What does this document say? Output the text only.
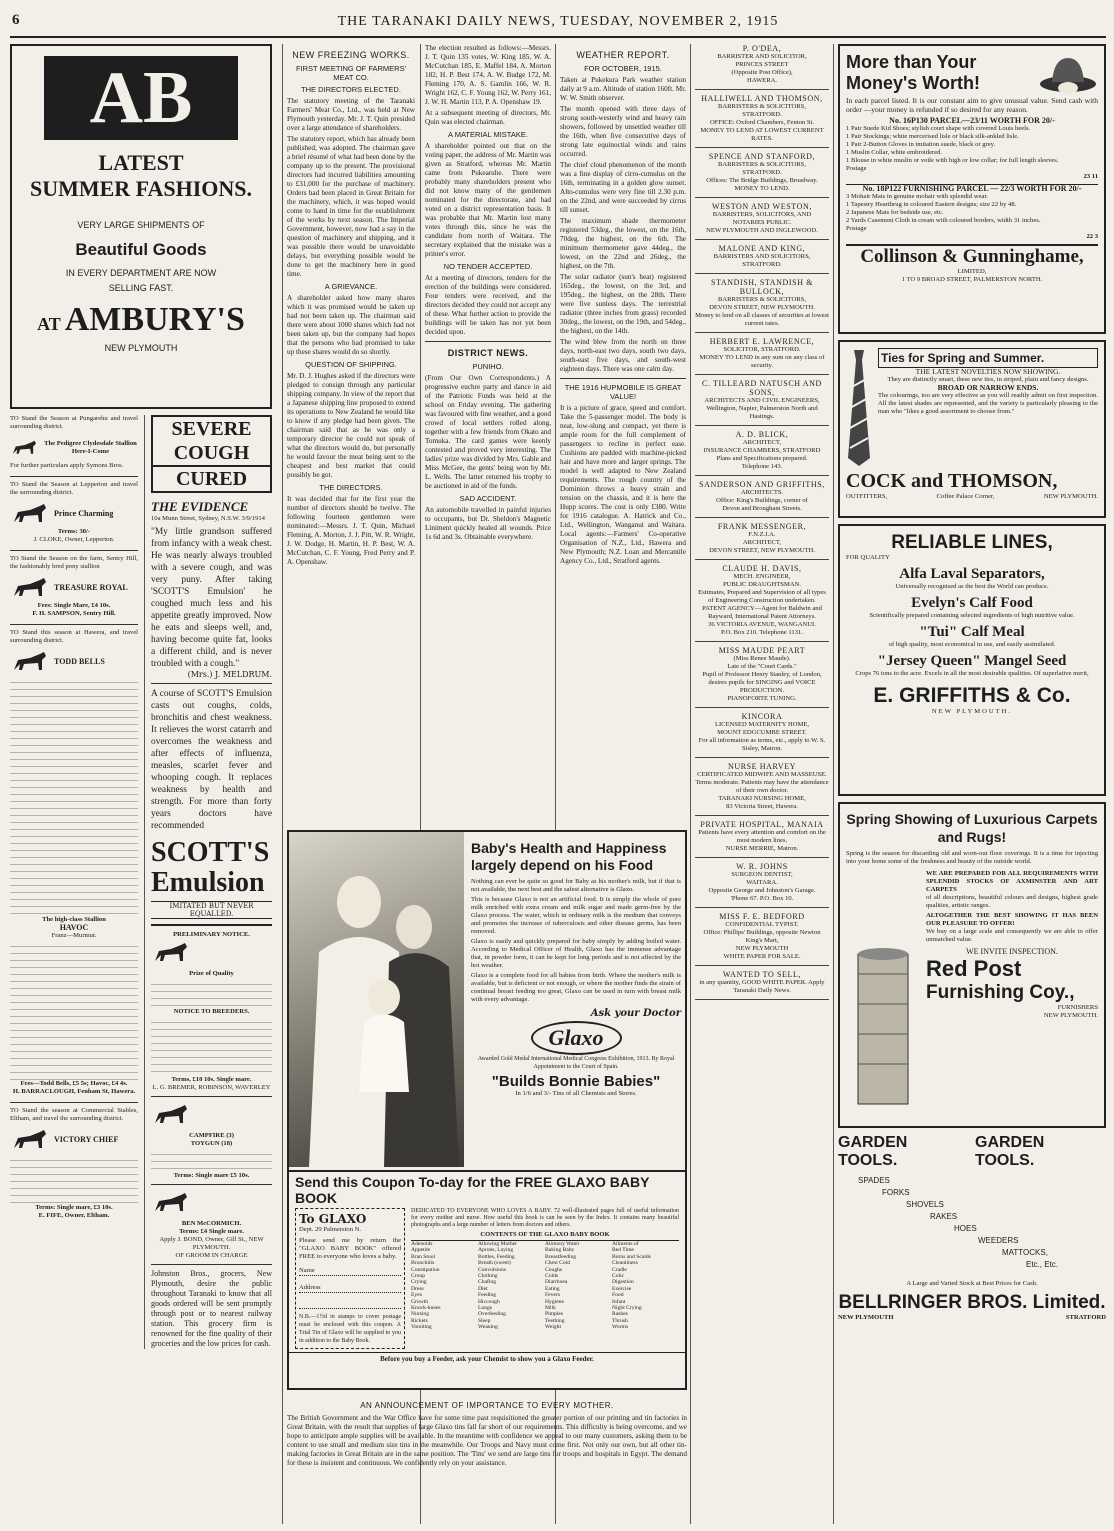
6	THE TARANAKI DAILY NEWS, TUESDAY, NOVEMBER 2, 1915
AB
LATEST
SUMMER FASHIONS.
VERY LARGE SHIPMENTS OF
Beautiful Goods
IN EVERY DEPARTMENT ARE NOW
SELLING FAST.
AT AMBURY'S
NEW PLYMOUTH
TO Stand the Season at Pungarehu and travel surrounding district.
The Pedigree Clydesdale Stallion Here-I-Come
For further particulars apply Symons Bros.
TO Stand the Season at Lepperton and travel the surrounding district.
Prince Charming
Terms: 30/-
J. CLOKE, Owner, Lepperton.
TO Stand the Season on the farm, Sentry Hill, the fashionably bred pony stallion
TREASURE ROYAL
Fees: Single Mare, £4 10s.
F. H. SAMPSON, Sentry Hill.
TO Stand this season at Hawera, and travel surrounding district.
TODD BELLS
The high-class Stallion
HAVOC
Franz—Murmur.
Fees—Todd Bells, £5 5s; Havoc, £4 4s.
H. BARRACLOUGH, Fenham St, Hawera.
TO Stand the season at Commercial Stables, Eltham, and travel the surrounding district.
VICTORY CHIEF
Terms: Single mare, £3 10s.
E. FIFE, Owner, Eltham.
SEVERE COUGH
CURED
THE EVIDENCE
10a Munn Street, Sydney, N.S.W. 3/9/1914
"My little grandson suffered from infancy with a weak chest. He was nearly always troubled with a severe cough, and was very puny. After taking 'SCOTT'S Emulsion' he coughed much less and his appetite greatly improved. Now he eats and sleeps well, and, having become quite fat, looks a different child, and is never troubled with a cough."
(Mrs.) J. MELDRUM.
A course of SCOTT'S Emulsion casts out coughs, colds, bronchitis and chest weakness. It relieves the worst catarrh and overcomes the weakness and after effects of influenza, measles, scarlet fever and whooping cough. It replaces weakness by health and strength. For more than forty years doctors have recommended
SCOTT'S
Emulsion
IMITATED BUT NEVER EQUALLED.
PRELIMINARY NOTICE.
Prize of Quality
NOTICE TO BREEDERS.
Terms, £10 10s. Single mare.
L. G. BREMER, ROBINSON, WAVERLEY
CAMPFIRE (3)
TOYGUN (18)
Terms: Single mare £5 10s.
BEN McCORMICH.
Terms: £4 Single mare.
Apply J. BOND, Owner, Gill St., NEW PLYMOUTH.
OF GROOM IN CHARGE
Johnston Bros., grocers, New Plymouth, desire the public throughout Taranaki to know that all goods ordered will be sent promptly through post or to nearest railway station. This grocery firm is renowned for the fine quality of their groceries and the low prices for cash.
NEW FREEZING WORKS.
FIRST MEETING OF FARMERS' MEAT CO.
THE DIRECTORS ELECTED.

The statutory meeting of the Taranaki Farmers' Meat Co., Ltd., was held at New Plymouth yesterday. Mr. J. T. Quin presided over a large attendance of shareholders.

The statutory report, which has already been published, was adopted. The chairman gave a brief résumé of what had been done by the company up to the present. The provisional directors had incurred liabilities amounting to £31,000 for the purchase of machinery. Orders had been placed in Great Britain for the machinery, which, it was hoped would come to hand in time for the establishment of the works by next season. The Imperial Government, however, now had a say in the question of machinery and shipping, and it was possible there would be unavoidable delays, but everything possible would be done to get the machinery here in good time.

A GRIEVANCE.

A shareholder asked how many shares which it was promised would be taken up had not been taken up. The chairman said there were about 1000 shares which had not been taken up, but the company had hopes that the persons who had promised to take up these shares would do so shortly.

QUESTION OF SHIPPING.

Mr. D. J. Hughes asked if the directors were pledged to consign through any particular shipping company. In view of the report that a Japanese shipping line proposed to extend its operations to New Zealand he would like to know if any pledge had been given. The chairman said that as he was only a temporary director he could not speak of what the directors would do, but personally he would favour the meat being sent to the cheapest and best market that could possibly be got.

THE DIRECTORS.

It was decided that for the first year the number of directors should be twelve. The following fourteen gentlemen were nominated:—Messrs. J. T. Quin, Michael Fleming, A. Morton, J. J. Pitt, W. R. Wright, J. W. Dodge, H. Martin, H. P. Best, W. A. McCutchan, C. F. Young, Fred Perry and P. A. Openshaw.

The election resulted as follows:—Messrs. J. T. Quin 135 votes, W. King 185, W. A. McCutchan 185, E. Maffel 184, A. Morton 182, H. P. Best 174, A. W. Budge 172, M. Fleming 170, A. S. Gamlin 166, W. R. Wright 162, C. F. Young 162, W. Perry 161, J. W. H. Martin 113, P. A. Openshaw 19.

At a subsequent meeting of directors, Mr. Quin was elected chairman.

A MATERIAL MISTAKE.

A shareholder pointed out that on the voting paper, the address of Mr. Martin was given as Stratford, whereas Mr. Martin came from Pukearuhe. There were probably many shareholders present who did not know many of the gentlemen nominated for the directorate, and had voted on a district representation basis. It was probable that Mr. Martin lost many votes through this, since he was the candidate from north of Waitara. The secretary explained that the mistake was a printer's error.

NO TENDER ACCEPTED.

At a meeting of directors, tenders for the erection of the buildings were considered. Four tenders were received, and the directors decided they could not accept any of these. What further action to provide the buildings will be taken has not yet been decided upon.

DISTRICT NEWS.
PUNIHO.

(From Our Own Correspondents.) A progressive euchre party and dance in aid of the Patriotic Funds was held at the school on Friday evening. The gathering was favoured with fine weather, and a good crowd of local settlers rolled along, together with a few friends from Okato and Tomuka. The card games were keenly contested and proved very interesting. The ladies' prize was divided by Mrs. Gable and Miss McGee, the gents' being won by Mr. L. Wells. The latter returned his trophy to be auctioned in aid of the funds.

SAD ACCIDENT.

An automobile travelled in painful injuries to occupants, but Dr. Sheldon's Magnetic Liniment quickly healed all wounds. Price 1s 6d and 3s. Obtainable everywhere.

WEATHER REPORT.
FOR OCTOBER, 1915.

Taken at Pukekura Park weather station daily at 9 a.m. Altitude of station 160ft. Mr. W. W. Smith observer.

The month opened with three days of strong south-westerly wind and heavy rain showers, followed by unsettled weather till the 16th, when five consecutive days of strong late equinoctial winds and rains occurred.

The chief cloud phenomenon of the month was a fine display of cirro-cumulus on the 16th, terminating in a golden glow sunset. Alto-cumulus were very fine till 2.30 p.m. on the 22nd, and were succeeded by cirrus till sunset.

The maximum shade thermometer registered 53deg., the lowest, on the 16th, 70deg. the highest, on the 6th. The minimum thermometer gave 44deg., the lowest, on the 22nd and 26deg., the highest, on the 7th.

The solar radiator (sun's heat) registered 165deg., the lowest, on the 3rd, and 195deg., the highest, on the 28th. There were five sunless days. The terrestrial radiator (three inches from grass) recorded 30deg., the lowest, on the 19th, and 54deg., the highest, on the 14th.

The wind blew from the north on three days, north-east two days, south two days, south-east five days, and south-west eighteen days. There was one calm day.

THE 1916 HUPMOBILE IS GREAT VALUE!

It is a picture of grace, speed and comfort. Take the 5-passenger model. The body is neat, low-slung and compact, yet there is ample room for the full complement of passengers to recline in perfect ease. Cushions are padded with machine-picked hair and have more and larger springs. The model is well adapted to New Zealand requirements. The rough country of the Dominion throws a heavy strain and tension on the chassis, and it is here the Hupp scores. The cost is only £380. Write for 1916 catalogue. A. Hatrick and Co., Ltd., Wellington, Wanganui and Waitara. Local agents:—Farmers' Co-operative Organisation of N.Z., Ltd., Hawera and New Plymouth; N.Z. Loan and Mercantile Agency Co., Ltd., Stratford agents.

Baby's Health and Happiness largely depend on his Food

Nothing can ever be quite so good for Baby as his mother's milk, but if that is not available, the next best and the safest alternative is Glaxo.

This is because Glaxo is not an artificial food. It is simply the whole of pure milk enriched with extra cream and milk sugar and made germ-free by the Glaxo process. The water, which in ordinary milk is the medium that conveys and promotes the increase of tuberculosis and other disease germs, has been removed.

Glaxo is easily and quickly prepared for baby simply by adding boiled water. According to Medical Officer of Health, Glaxo has the immense advantage that, in powder form, it can be kept for long periods and is not affected by the hot weather.

Glaxo is a complete food for all babies from birth. Where the mother's milk is available, but is deficient or not enough, or where the mother finds the strain of continual breast feeding too great, Glaxo can be used in turn with breast milk with every advantage.

Ask your Doctor
Glaxo
Awarded Gold Medal International Medical Congress Exhibition, 1913. By Royal Appointment to the Court of Spain.
"Builds Bonnie Babies"
In 1/6 and 3/- Tins of all Chemists and Stores.
Send this Coupon To-day for the FREE GLAXO BABY BOOK
To GLAXO
Dept. 29 Palmerston N.
Please send me by return the "GLAXO BABY BOOK" offered FREE to everyone who loves a baby.
Name
Address
N.B.—1½d in stamps to cover postage must be enclosed with this coupon. A Trial Tin of Glaxo will be supplied to you in addition to the Baby Book.
DEDICATED TO EVERYONE WHO LOVES A BABY. 72 well-illustrated pages full of useful information for every mother and nurse. How useful this book is can be seen by the Index. It contains many beautiful photographs and a large number of letters from doctors and others.
CONTENTS OF THE GLAXO BABY BOOK
Adenoids	Allowing Mother	Alimony Water	Ailments of
Appetite	Aprons, Laying	Baking Baby	Bed Time
Bran Stool	Bottles, Feeding	Breastfeeding	Burns and Scalds
Bronchitis	Breath (sweet)	Chest Cold	Cleanliness
Constipation	Convulsions	Coughs	Cradle
Croup	Clothing	Colds	Colic
Crying	Chafing	Diarrhoea	Digestion
Dress	Diet	Eating	Exercise
Eyes	Feeding	Fevers	Food
Growth	Hiccough	Hygiene	Infant
Knock-knees	Lungs	Milk	Night Crying
Nursing	Overfeeding	Pimples	Rashes
Rickets	Sleep	Teething	Thrush
Vomiting	Weaning	Weight	Worms
Before you buy a Feeder, ask your Chemist to show you a Glaxo Feeder.
AN ANNOUNCEMENT OF IMPORTANCE TO EVERY MOTHER.

The British Government and the War Office have for some time past requisitioned the greater portion of our printing and tin factories in Great Britain, with the result that supplies of large Glaxo tins fall far short of our requirements. This difficulty is being overcome, and we hope to anticipate ample supplies will be available. In the meantime with confidence we appeal to our many customers, asking them to be content to use small and medium size tins in the meanwhile. Our Troops and Navy must come first. Not only our own, but all other tin-making factories in Great Britain are in the same position. The 'Tins' we send are large tins for troops and hospitals in Egypt. The demand for these is insistent and continuous. We confidently rely on your assistance.

P. O'DEA,
BARRISTER AND SOLICITOR,
PRINCES STREET
(Opposite Post Office),
HAWERA.
HALLIWELL AND THOMSON,
BARRISTERS & SOLICITORS,
STRATFORD.
OFFICE: Oxford Chambers, Fenton St.
MONEY TO LEND AT LOWEST CURRENT RATES.
SPENCE AND STANFORD,
BARRISTERS & SOLICITORS,
STRATFORD.
Offices: The Bridge Buildings, Broadway.
MONEY TO LEND.
WESTON AND WESTON,
BARRISTERS, SOLICITORS, AND
NOTARIES PUBLIC.
NEW PLYMOUTH AND INGLEWOOD.
MALONE AND KING,
BARRISTERS AND SOLICITORS,
STRATFORD.
STANDISH, STANDISH & BULLOCK,
BARRISTERS & SOLICITORS,
DEVON STREET, NEW PLYMOUTH.
Money to lend on all classes of securities at lowest current rates.
HERBERT E. LAWRENCE,
SOLICITOR, STRATFORD.
MONEY TO LEND in any sum on any class of security.
C. TILLEARD NATUSCH AND SONS,
ARCHITECTS AND CIVIL ENGINEERS,
Wellington, Napier, Palmerston North and Hastings.
A. D. BLICK,
ARCHITECT,
INSURANCE CHAMBERS, STRATFORD
Plans and Specifications prepared.
Telephone 143.
SANDERSON AND GRIFFITHS,
ARCHITECTS.
Office: King's Buildings, corner of
Devon and Brougham Streets.
FRANK MESSENGER,
F.N.Z.I.A.
ARCHITECT,
DEVON STREET, NEW PLYMOUTH.
CLAUDE H. DAVIS,
MECH. ENGINEER,
PUBLIC DRAUGHTSMAN.
Estimates, Prepared and Supervision of all types of Engineering Construction undertaken.
PATENT AGENCY—Agent for Baldwin and Rayward, International Patent Attorneys.
36 VICTORIA AVENUE, WANGANUI.
P.O. Box 210. Telephone 1131.
MISS MAUDE PEART
(Miss Renee Maude).
Late of the "Court Cards."
Pupil of Professor Henry Stanley, of London, desires pupils for SINGING and VOICE PRODUCTION.
PIANOFORTE TUNING.
KINCORA
LICENSED MATERNITY HOME,
MOUNT EDGCUMBE STREET.
For all information as terms, etc., apply to W. S. Sisley, Matron.
NURSE HARVEY
CERTIFICATED MIDWIFE AND MASSEUSE.
Terms moderate. Patients may have the attendance of their own doctor.
TARANAKI NURSING HOME,
83 Victoria Street, Hawera.
PRIVATE HOSPITAL, MANAIA
Patients have every attention and comfort on the most modern lines.
NURSE MERRIE, Matron.
W. R. JOHNS
SURGEON DENTIST,
WAITARA.
Opposite George and Johnston's Garage.
'Phone 67. P.O. Box 10.
MISS F. E. BEDFORD
CONFIDENTIAL TYPIST.
Office: Phillips' Buildings, opposite Newton King's Mart,
NEW PLYMOUTH
WHITE PAPER FOR SALE.
WANTED TO SELL,
in any quantity, GOOD WHITE PAPER. Apply Taranaki Daily News.
More than Your Money's Worth!
In each parcel listed. It is our constant aim to give unusual value. Send cash with order —your money is refunded if so desired for any reason.
No. 16P130 PARCEL—23/11 WORTH FOR 20/-
1 Pair Suede Kid Shoes; stylish court shape with covered Louis heels.
1 Pair Stockings; white mercerised lisle or black silk-ankled lisle.
1 Pair 2-Button Gloves in imitation suede, black or grey.
1 Muslin Collar, white embroidered.
1 Blouse in white muslin or voile with high or low collar; for full length sleeves.
Postage
23 11
No. 18P122 FURNISHING PARCEL — 22/3 WORTH FOR 20/-
3 Mohair Mats in genuine mohair with splendid wear.
1 Tapestry Hearthrug in coloured Eastern designs; size 22 by 48.
2 Japanese Mats for bedside use, etc.
2 Yards Casement Cloth in cream with coloured borders, width 31 inches.
Postage
22 3
Collinson & Gunninghame,
LIMITED,
1 TO 9 BROAD STREET, PALMERSTON NORTH.
Ties for Spring and Summer.
THE LATEST NOVELTIES NOW SHOWING.
They are distinctly smart, these new ties, in striped, plain and fancy designs.
BROAD OR NARROW ENDS.
The colourings, too are very effective as you will readily admit on first inspection. All the latest shades are represented, and the variety is particularly pleasing to the man who "likes a good assortment to choose from."
COCK and THOMSON,
OUTFITTERS,	Coffee Palace Corner,	NEW PLYMOUTH.
RELIABLE LINES,
FOR QUALITY
Alfa Laval Separators,
Universally recognised as the best the World can produce.
Evelyn's Calf Food
Scientifically prepared containing selected ingredients of high nutritive value.
"Tui" Calf Meal
of high quality, most economical in use, and easily assimilated.
"Jersey Queen" Mangel Seed
Crops 76 tons to the acre. Excels in all the most desirable qualities. Of superlative merit,
E. GRIFFITHS & Co.
NEW PLYMOUTH.
Spring Showing of Luxurious Carpets and Rugs!
Spring is the season for discarding old and worn-out floor coverings. It is a time for injecting into your home some of the freshness and beauty of the outside world.
WE ARE PREPARED FOR ALL REQUIREMENTS WITH SPLENDID STOCKS OF AXMINSTER AND ART CARPETS
of all descriptions, beautiful colours and designs, highest grade qualities, artistic ranges.
ALTOGETHER THE BEST SHOWING IT HAS BEEN OUR PLEASURE TO OFFER!
We buy on a large scale and consequently we are able to offer unmatched value.
WE INVITE INSPECTION.
Red Post
Furnishing Coy.,
FURNISHERS
NEW PLYMOUTH.
GARDEN TOOLS.
GARDEN TOOLS.
SPADES
FORKS
SHOVELS
RAKES
HOES
WEEDERS
MATTOCKS,
Etc., Etc.
A Large and Varied Stock at Best Prices for Cash.
BELLRINGER BROS. Limited.
NEW PLYMOUTH	STRATFORD
